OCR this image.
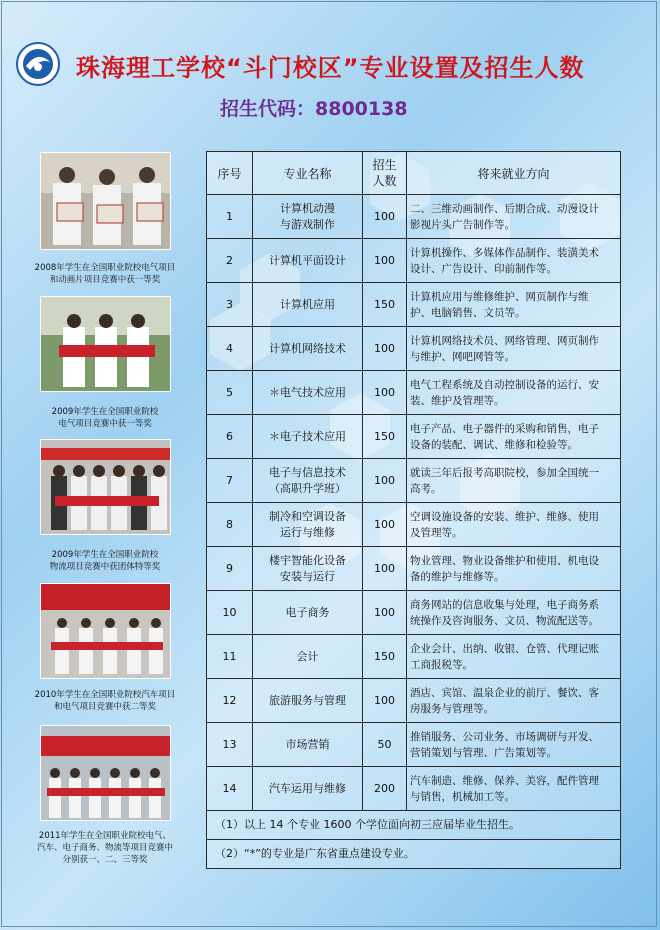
珠海理工学校“斗门校区”专业设置及招生人数
招生代码：8800138
2008年学生在全国职业院校电气项目
和动画片项目竞赛中获一等奖
2009年学生在全国职业院校
电气项目竞赛中获一等奖
2009年学生在全国职业院校
物流项目竞赛中获团体特等奖
2010年学生在全国职业院校汽车项目
和电气项目竞赛中获二等奖
2011年学生在全国职业院校电气、
汽车、电子商务、物流等项目竞赛中
分别获一、二、三等奖
序号	专业名称	招生
人数	将来就业方向
1	计算机动漫
与游戏制作	100	二、三维动画制作、后期合成、动漫设计
影视片头广告制作等。
2	计算机平面设计	100	计算机操作、多媒体作品制作、装潢美术
设计、广告设计、印前制作等。
3	计算机应用	150	计算机应用与维修维护、网页制作与维
护、电脑销售、文员等。
4	计算机网络技术	100	计算机网络技术员、网络管理、网页制作
与维护、网吧网管等。
5	＊电气技术应用	100	电气工程系统及自动控制设备的运行、安
装、维护及管理等。
6	＊电子技术应用	150	电子产品、电子器件的采购和销售，电子
设备的装配、调试、维修和检验等。
7	电子与信息技术
（高职升学班）	100	就读三年后报考高职院校，参加全国统一
高考。
8	制冷和空调设备
运行与维修	100	空调设施设备的安装、维护、维修、使用
及管理等。
9	楼宇智能化设备
安装与运行	100	物业管理、物业设备维护和使用、机电设
备的维护与维修等。
10	电子商务	100	商务网站的信息收集与处理，电子商务系
统操作及咨询服务、文员、物流配送等。
11	会计	150	企业会计、出纳、收银、仓管、代理记账
工商报税等。
12	旅游服务与管理	100	酒店、宾馆、温泉企业的前厅、餐饮、客
房服务与管理等。
13	市场营销	50	推销服务、公司业务、市场调研与开发、
营销策划与管理、广告策划等。
14	汽车运用与维修	200	汽车制造、维修、保养、美容，配件管理
与销售，机械加工等。
（1）以上 14 个专业 1600 个学位面向初三应届毕业生招生。			
（2）“*”的专业是广东省重点建设专业。			
